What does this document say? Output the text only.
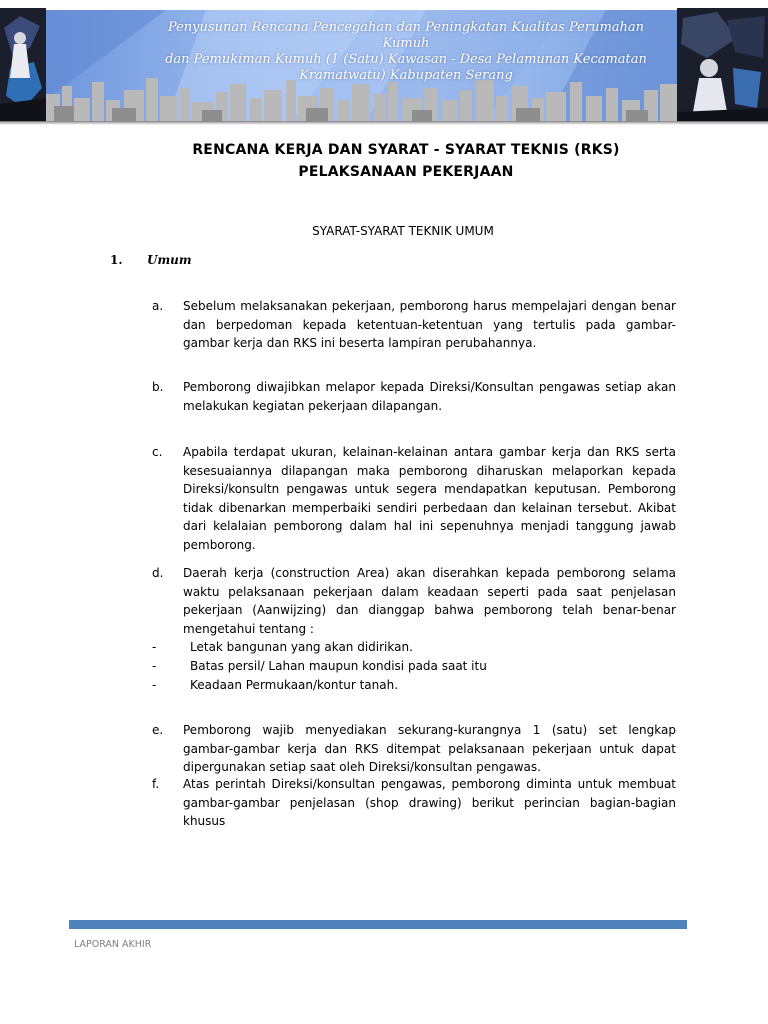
Penyusunan Rencana Pencegahan dan Peningkatan Kualitas Perumahan Kumuh
dan Pemukiman Kumuh (1 (Satu) Kawasan - Desa Pelamunan Kecamatan
Kramatwatu) Kabupaten Serang
RENCANA KERJA DAN SYARAT - SYARAT TEKNIS (RKS)
PELAKSANAAN PEKERJAAN
SYARAT-SYARAT TEKNIK UMUM
1. Umum
a.	Sebelum melaksanakan pekerjaan, pemborong harus mempelajari dengan benar dan berpedoman kepada ketentuan-ketentuan yang tertulis pada gambar-gambar kerja dan RKS ini beserta lampiran perubahannya.
b.	Pemborong diwajibkan melapor kepada Direksi/Konsultan pengawas setiap akan melakukan kegiatan pekerjaan dilapangan.
c.	Apabila terdapat ukuran, kelainan-kelainan antara gambar kerja dan RKS serta kesesuaiannya dilapangan maka pemborong diharuskan melaporkan kepada Direksi/konsultn pengawas untuk segera mendapatkan keputusan. Pemborong tidak dibenarkan memperbaiki sendiri perbedaan dan kelainan tersebut. Akibat dari kelalaian pemborong dalam hal ini sepenuhnya menjadi tanggung jawab pemborong.
d.	Daerah kerja (construction Area) akan diserahkan kepada pemborong selama waktu pelaksanaan pekerjaan dalam keadaan seperti pada saat penjelasan pekerjaan (Aanwijzing) dan dianggap bahwa pemborong telah benar-benar mengetahui tentang :
-	Letak bangunan yang akan didirikan.
-	Batas persil/ Lahan maupun kondisi pada saat itu
-	Keadaan Permukaan/kontur tanah.
e.	Pemborong wajib menyediakan sekurang-kurangnya 1 (satu) set lengkap gambar-gambar kerja dan RKS ditempat pelaksanaan pekerjaan untuk dapat dipergunakan setiap saat oleh Direksi/konsultan pengawas.
f.	Atas perintah Direksi/konsultan pengawas, pemborong diminta untuk membuat gambar-gambar penjelasan (shop drawing) berikut perincian bagian-bagian khusus
LAPORAN AKHIR
